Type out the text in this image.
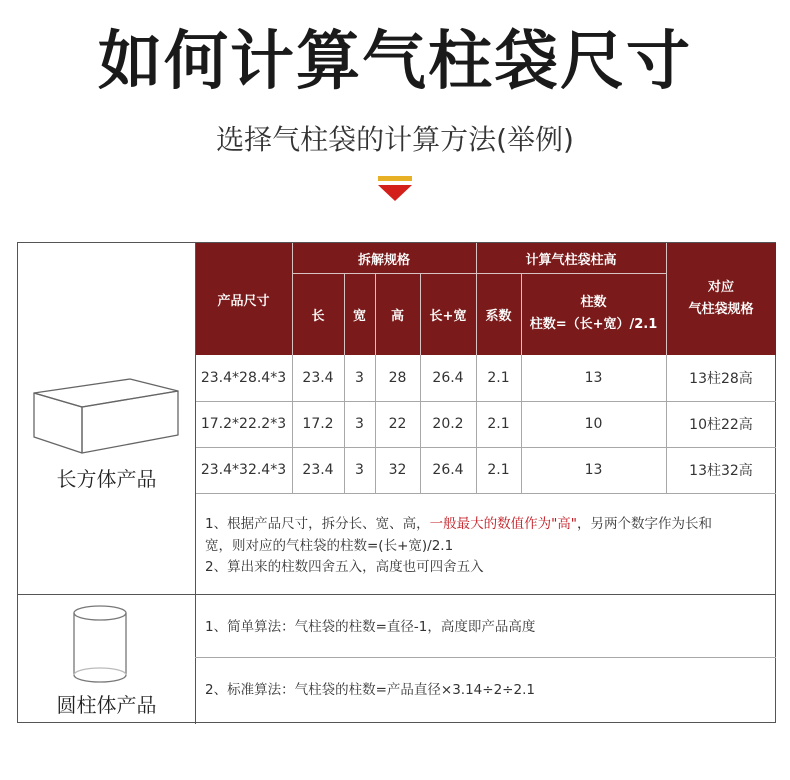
如何计算气柱袋尺寸
选择气柱袋的计算方法(举例)
产品尺寸
拆解规格	计算气柱袋柱高
对应
气柱袋规格
长	宽	高	长+宽	系数
柱数
柱数=（长+宽）/2.1
23.4*28.4*3	23.4	3	28	26.4	2.1	13	13柱28高
17.2*22.2*3	17.2	3	22	20.2	2.1	10	10柱22高
23.4*32.4*3	23.4	3	32	26.4	2.1	13	13柱32高
长方体产品
1、根据产品尺寸，拆分长、宽、高，一般最大的数值作为"高"，另两个数字作为长和
宽，则对应的气柱袋的柱数=(长+宽)/2.1
2、算出来的柱数四舍五入，高度也可四舍五入
圆柱体产品
1、简单算法：气柱袋的柱数=直径-1，高度即产品高度
2、标准算法：气柱袋的柱数=产品直径×3.14÷2÷2.1
